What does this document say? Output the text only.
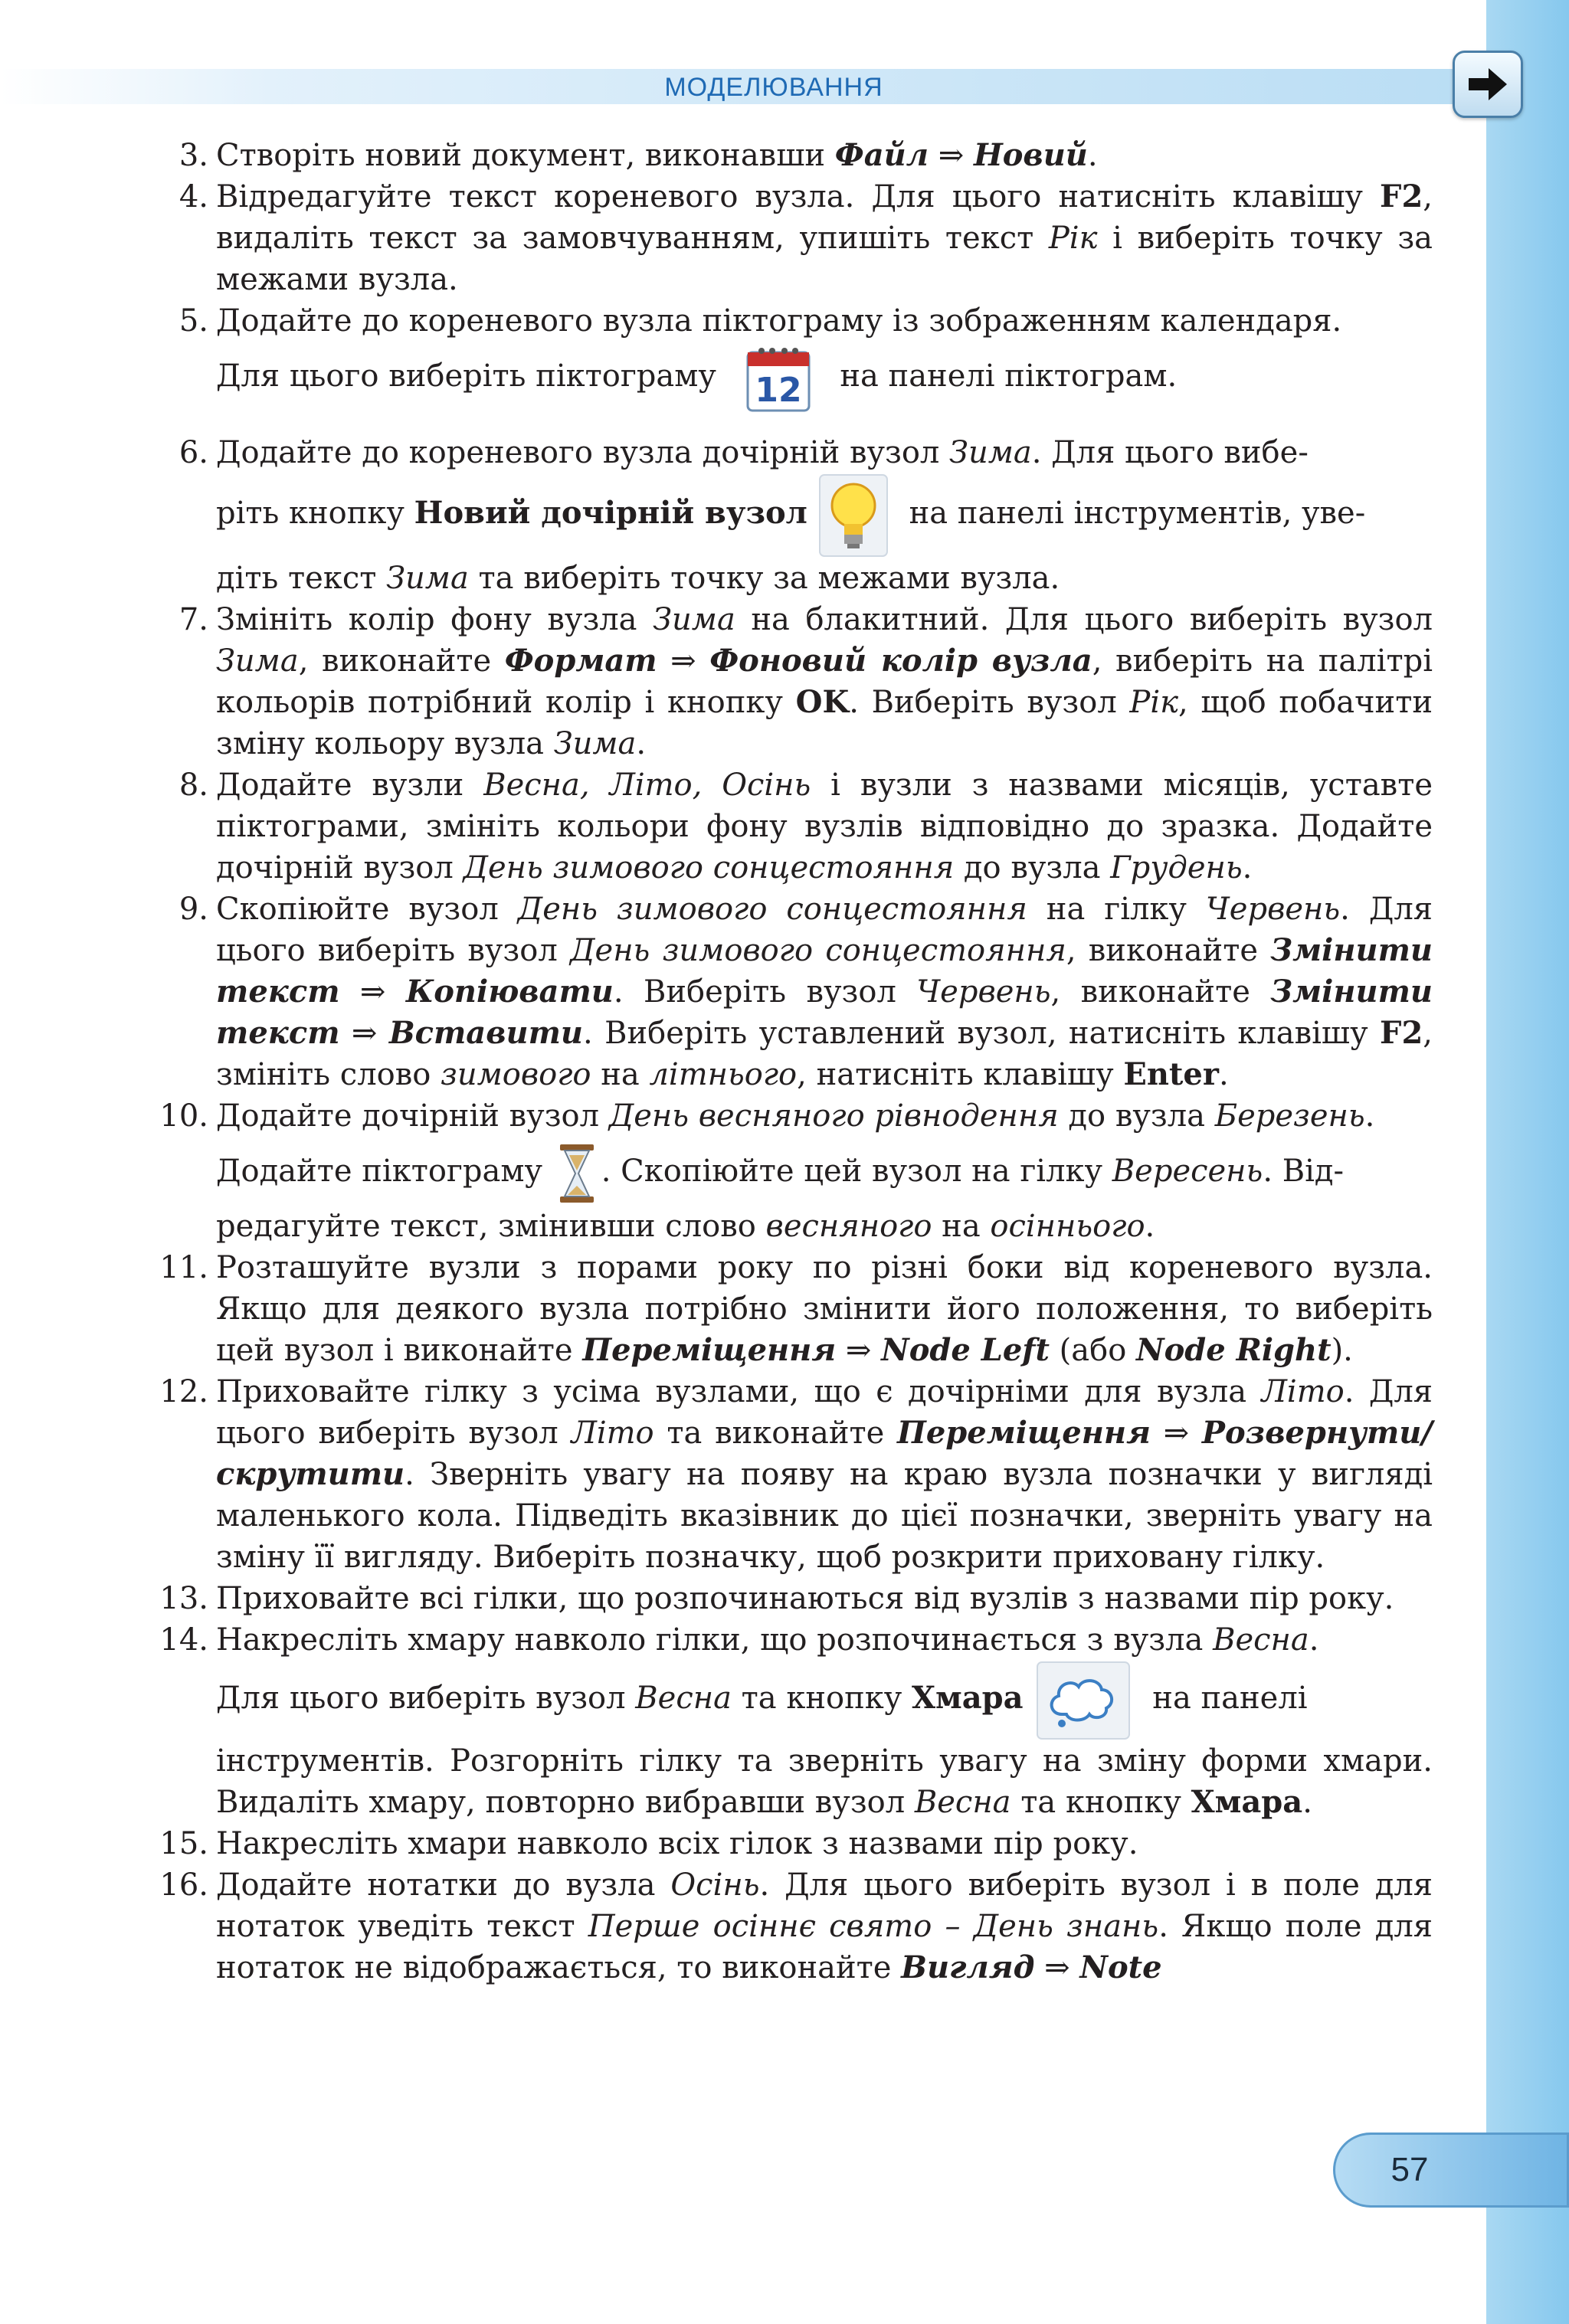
МОДЕЛЮВАННЯ
3. Створіть новий документ, виконавши Файл ⇒ Новий.
4. Відредагуйте текст кореневого вузла. Для цього натисніть клавішу F2, видаліть текст за замовчуванням, упишіть текст Рік і виберіть точку за межами вузла.
5. Додайте до кореневого вузла піктограму із зображенням календаря.
Для цього виберіть піктограму 12 на панелі піктограм.
6. Додайте до кореневого вузла дочірній вузол Зима. Для цього вибе-
ріть кнопку Новий дочірній вузол	на панелі інструментів, уве-
діть текст Зима та виберіть точку за межами вузла.
7. Змініть колір фону вузла Зима на блакитний. Для цього виберіть вузол Зима, виконайте Формат ⇒ Фоновий колір вузла, виберіть на палітрі кольорів потрібний колір і кнопку OK. Виберіть вузол Рік, щоб побачити зміну кольору вузла Зима.
8. Додайте вузли Весна, Літо, Осінь і вузли з назвами місяців, уставте піктограми, змініть кольори фону вузлів відповідно до зразка. Додайте дочірній вузол День зимового сонцестояння до вузла Грудень.
9. Скопіюйте вузол День зимового сонцестояння на гілку Червень. Для цього виберіть вузол День зимового сонцестояння, виконайте Змінити текст ⇒ Копіювати. Виберіть вузол Червень, виконайте Змінити текст ⇒ Вставити. Виберіть уставлений вузол, натисніть клавішу F2, змініть слово зимового на літнього, натисніть клавішу Enter.
10. Додайте дочірній вузол День весняного рівнодення до вузла Березень.
Додайте піктограму . Скопіюйте цей вузол на гілку Вересень. Від-
редагуйте текст, змінивши слово весняного на осіннього.
11. Розташуйте вузли з порами року по різні боки від кореневого вузла. Якщо для деякого вузла потрібно змінити його положення, то виберіть цей вузол і виконайте Переміщення ⇒ Node Left (або Node Right).
12. Приховайте гілку з усіма вузлами, що є дочірніми для вузла Літо. Для цього виберіть вузол Літо та виконайте Переміщення ⇒ Розвернути/скрутити. Зверніть увагу на появу на краю вузла позначки у вигляді маленького кола. Підведіть вказівник до цієї позначки, зверніть увагу на зміну її вигляду. Виберіть позначку, щоб розкрити приховану гілку.
13. Приховайте всі гілки, що розпочинаються від вузлів з назвами пір року.
14. Накресліть хмару навколо гілки, що розпочинається з вузла Весна.
Для цього виберіть вузол Весна та кнопку Хмара	на панелі
інструментів. Розгорніть гілку та зверніть увагу на зміну форми хмари. Видаліть хмару, повторно вибравши вузол Весна та кнопку Хмара.
15. Накресліть хмари навколо всіх гілок з назвами пір року.
16. Додайте нотатки до вузла Осінь. Для цього виберіть вузол і в поле для нотаток уведіть текст Перше осіннє свято – День знань. Якщо поле для нотаток не відображається, то виконайте Вигляд ⇒ Note
57
